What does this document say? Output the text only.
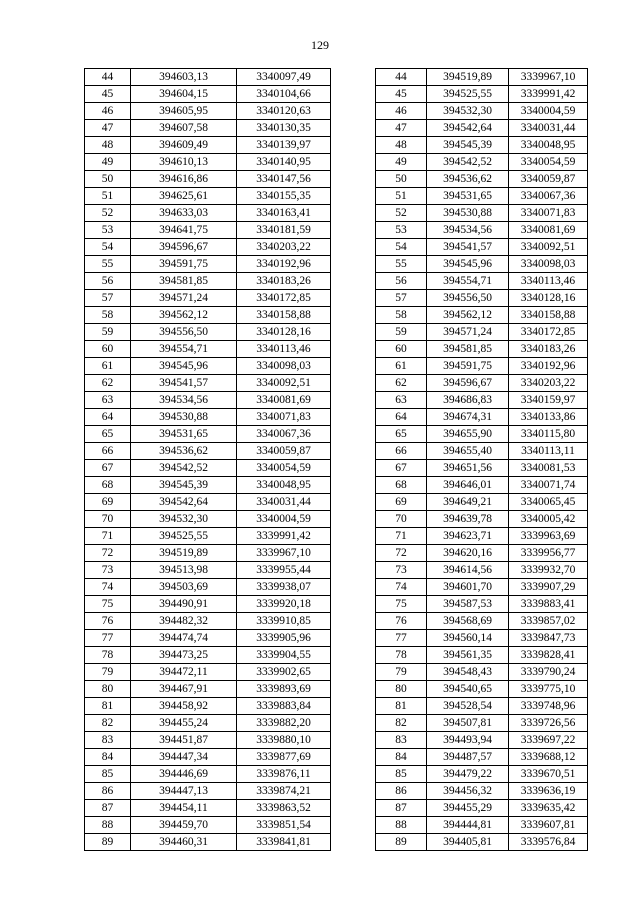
129
44	394603,13	3340097,49
45	394604,15	3340104,66
46	394605,95	3340120,63
47	394607,58	3340130,35
48	394609,49	3340139,97
49	394610,13	3340140,95
50	394616,86	3340147,56
51	394625,61	3340155,35
52	394633,03	3340163,41
53	394641,75	3340181,59
54	394596,67	3340203,22
55	394591,75	3340192,96
56	394581,85	3340183,26
57	394571,24	3340172,85
58	394562,12	3340158,88
59	394556,50	3340128,16
60	394554,71	3340113,46
61	394545,96	3340098,03
62	394541,57	3340092,51
63	394534,56	3340081,69
64	394530,88	3340071,83
65	394531,65	3340067,36
66	394536,62	3340059,87
67	394542,52	3340054,59
68	394545,39	3340048,95
69	394542,64	3340031,44
70	394532,30	3340004,59
71	394525,55	3339991,42
72	394519,89	3339967,10
73	394513,98	3339955,44
74	394503,69	3339938,07
75	394490,91	3339920,18
76	394482,32	3339910,85
77	394474,74	3339905,96
78	394473,25	3339904,55
79	394472,11	3339902,65
80	394467,91	3339893,69
81	394458,92	3339883,84
82	394455,24	3339882,20
83	394451,87	3339880,10
84	394447,34	3339877,69
85	394446,69	3339876,11
86	394447,13	3339874,21
87	394454,11	3339863,52
88	394459,70	3339851,54
89	394460,31	3339841,81
44	394519,89	3339967,10
45	394525,55	3339991,42
46	394532,30	3340004,59
47	394542,64	3340031,44
48	394545,39	3340048,95
49	394542,52	3340054,59
50	394536,62	3340059,87
51	394531,65	3340067,36
52	394530,88	3340071,83
53	394534,56	3340081,69
54	394541,57	3340092,51
55	394545,96	3340098,03
56	394554,71	3340113,46
57	394556,50	3340128,16
58	394562,12	3340158,88
59	394571,24	3340172,85
60	394581,85	3340183,26
61	394591,75	3340192,96
62	394596,67	3340203,22
63	394686,83	3340159,97
64	394674,31	3340133,86
65	394655,90	3340115,80
66	394655,40	3340113,11
67	394651,56	3340081,53
68	394646,01	3340071,74
69	394649,21	3340065,45
70	394639,78	3340005,42
71	394623,71	3339963,69
72	394620,16	3339956,77
73	394614,56	3339932,70
74	394601,70	3339907,29
75	394587,53	3339883,41
76	394568,69	3339857,02
77	394560,14	3339847,73
78	394561,35	3339828,41
79	394548,43	3339790,24
80	394540,65	3339775,10
81	394528,54	3339748,96
82	394507,81	3339726,56
83	394493,94	3339697,22
84	394487,57	3339688,12
85	394479,22	3339670,51
86	394456,32	3339636,19
87	394455,29	3339635,42
88	394444,81	3339607,81
89	394405,81	3339576,84
